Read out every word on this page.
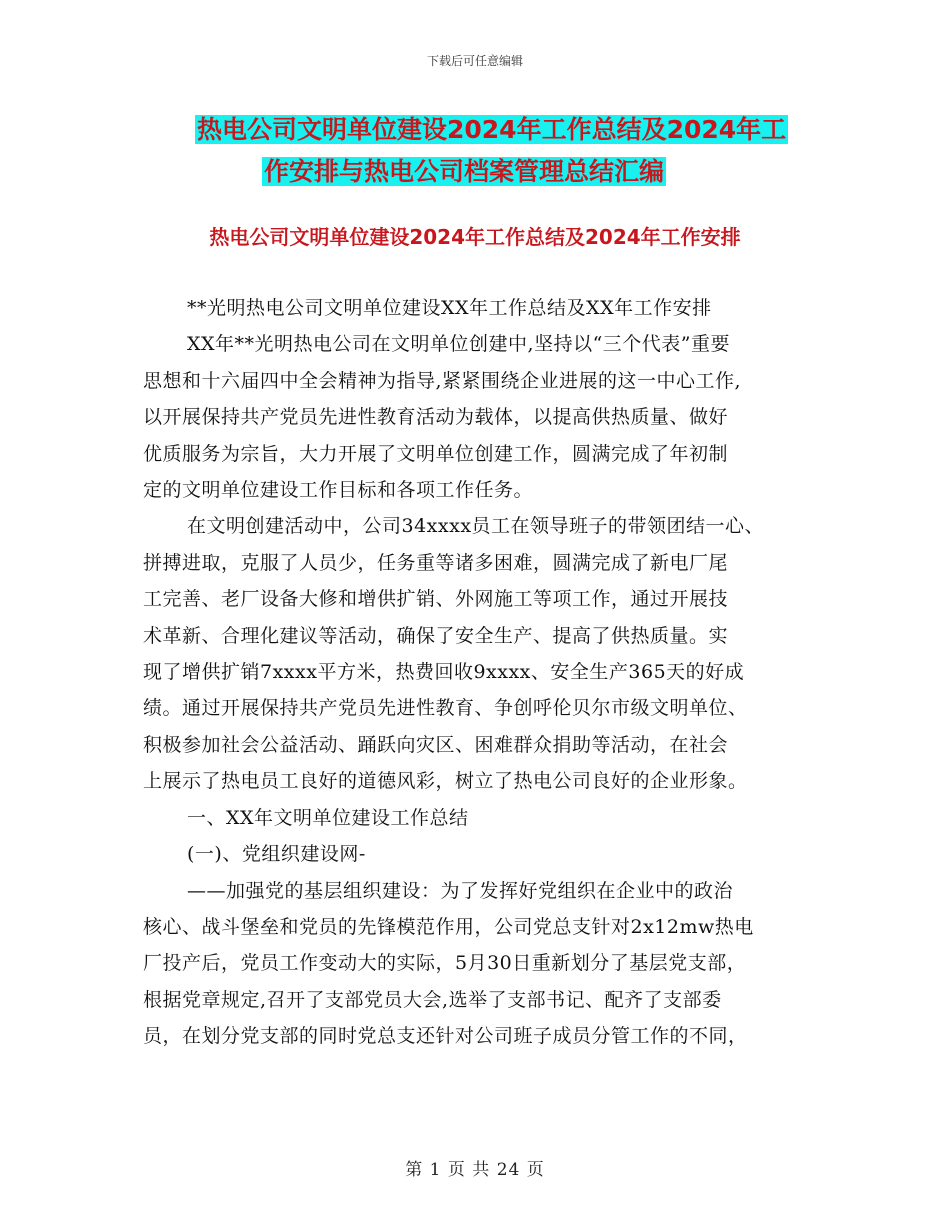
下载后可任意编辑
热电公司文明单位建设2024年工作总结及2024年工
作安排与热电公司档案管理总结汇编
热电公司文明单位建设2024年工作总结及2024年工作安排

**光明热电公司文明单位建设XX年工作总结及XX年工作安排

XX年**光明热电公司在文明单位创建中,坚持以“三个代表”重要

思想和十六届四中全会精神为指导,紧紧围绕企业进展的这一中心工作,

以开展保持共产党员先进性教育活动为载体，以提高供热质量、做好

优质服务为宗旨，大力开展了文明单位创建工作，圆满完成了年初制

定的文明单位建设工作目标和各项工作任务。

在文明创建活动中，公司34xxxx员工在领导班子的带领团结一心、

拼搏进取，克服了人员少，任务重等诸多困难，圆满完成了新电厂尾

工完善、老厂设备大修和增供扩销、外网施工等项工作，通过开展技

术革新、合理化建议等活动，确保了安全生产、提高了供热质量。实

现了增供扩销7xxxx平方米，热费回收9xxxx、安全生产365天的好成

绩。通过开展保持共产党员先进性教育、争创呼伦贝尔市级文明单位、

积极参加社会公益活动、踊跃向灾区、困难群众捐助等活动，在社会

上展示了热电员工良好的道德风彩，树立了热电公司良好的企业形象。

一、XX年文明单位建设工作总结

(一)、党组织建设网-

——加强党的基层组织建设：为了发挥好党组织在企业中的政治

核心、战斗堡垒和党员的先锋模范作用，公司党总支针对2x12mw热电

厂投产后，党员工作变动大的实际，5月30日重新划分了基层党支部，

根据党章规定,召开了支部党员大会,选举了支部书记、配齐了支部委

员，在划分党支部的同时党总支还针对公司班子成员分管工作的不同，

第 1 页 共 24 页
